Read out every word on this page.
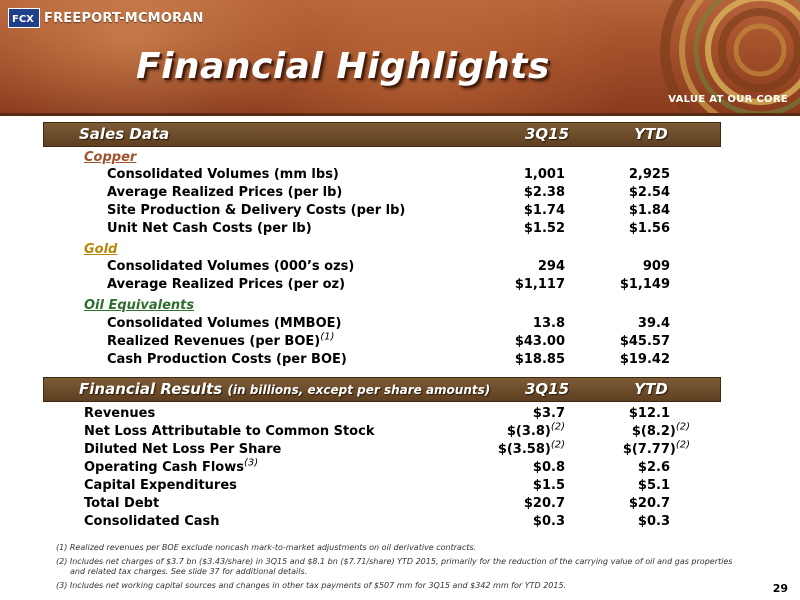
FCX FREEPORT-MCMORAN
Financial Highlights
VALUE AT OUR CORE
Sales Data	3Q15	YTD
Copper
Consolidated Volumes (mm lbs)	1,001	2,925
Average Realized Prices (per lb)	$2.38	$2.54
Site Production & Delivery Costs (per lb)	$1.74	$1.84
Unit Net Cash Costs (per lb)	$1.52	$1.56
Gold
Consolidated Volumes (000’s ozs)	294	909
Average Realized Prices (per oz)	$1,117	$1,149
Oil Equivalents
Consolidated Volumes (MMBOE)	13.8	39.4
Realized Revenues (per BOE)$^{(1)}$	$43.00	$45.57
Cash Production Costs (per BOE)	$18.85	$19.42
Financial Results (in billions, except per share amounts)	3Q15	YTD
Revenues	$3.7	$12.1
Net Loss Attributable to Common Stock	$(3.8)$^{(2)}$	$(8.2)$^{(2)}$
Diluted Net Loss Per Share	$(3.58)$^{(2)}$	$(7.77)$^{(2)}$
Operating Cash Flows$^{(3)}$	$0.8	$2.6
Capital Expenditures	$1.5	$5.1
Total Debt	$20.7	$20.7
Consolidated Cash	$0.3	$0.3

(1) Realized revenues per BOE exclude noncash mark-to-market adjustments on oil derivative contracts.

(2) Includes net charges of $3.7 bn ($3.43/share) in 3Q15 and $8.1 bn ($7.71/share) YTD 2015, primarily for the reduction of the carrying value of oil and gas properties and related tax charges. See slide 37 for additional details.

(3) Includes net working capital sources and changes in other tax payments of $507 mm for 3Q15 and $342 mm for YTD 2015.	29
